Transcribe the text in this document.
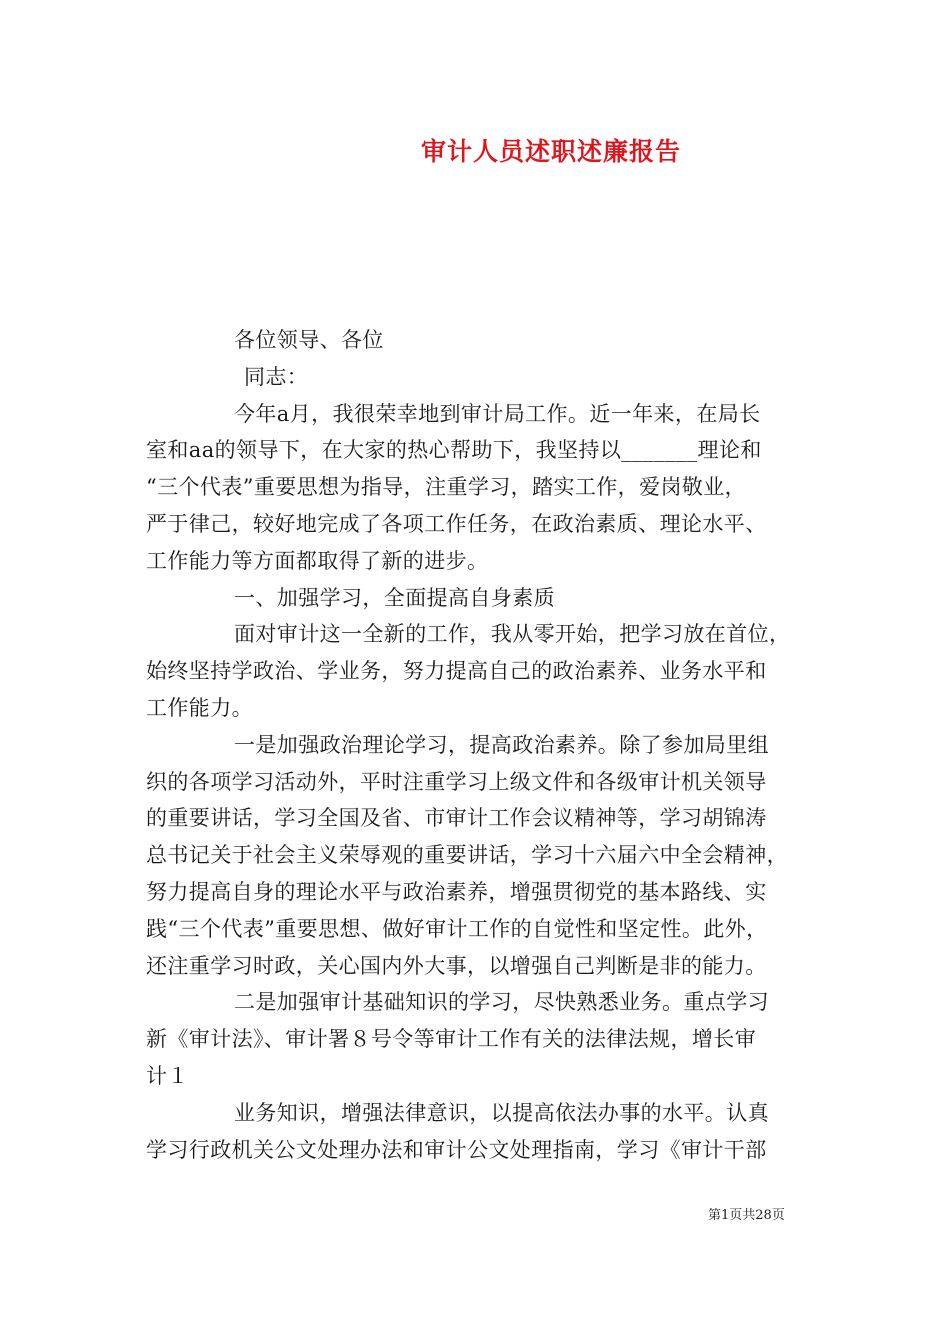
审计人员述职述廉报告
各位领导、各位
同志：
今年a月，我很荣幸地到审计局工作。近一年来，在局长
室和aa的领导下，在大家的热心帮助下，我坚持以_______理论和
“三个代表”重要思想为指导，注重学习，踏实工作，爱岗敬业，
严于律己，较好地完成了各项工作任务，在政治素质、理论水平、
工作能力等方面都取得了新的进步。
一、加强学习，全面提高自身素质
面对审计这一全新的工作，我从零开始，把学习放在首位，
始终坚持学政治、学业务，努力提高自己的政治素养、业务水平和
工作能力。
一是加强政治理论学习，提高政治素养。除了参加局里组
织的各项学习活动外，平时注重学习上级文件和各级审计机关领导
的重要讲话，学习全国及省、市审计工作会议精神等，学习胡锦涛
总书记关于社会主义荣辱观的重要讲话，学习十六届六中全会精神，
努力提高自身的理论水平与政治素养，增强贯彻党的基本路线、实
践“三个代表”重要思想、做好审计工作的自觉性和坚定性。此外，
还注重学习时政，关心国内外大事，以增强自己判断是非的能力。
二是加强审计基础知识的学习，尽快熟悉业务。重点学习
新《审计法》、审计署８号令等审计工作有关的法律法规，增长审
计１
业务知识，增强法律意识，以提高依法办事的水平。认真
学习行政机关公文处理办法和审计公文处理指南，学习《审计干部
第1页共28页
